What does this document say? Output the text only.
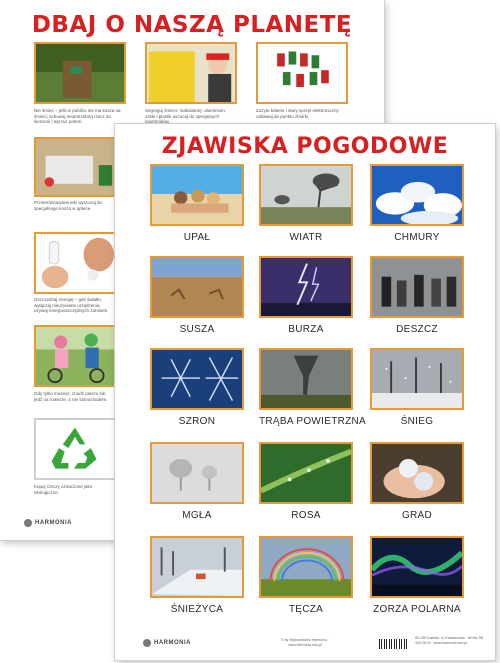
DBAJ O NASZĄ PLANETĘ
Nie śmieć – jeśli w pobliżu nie ma kosza na śmieci, schowaj niepotrzebną rzecz do kieszeni i wyrzuć potem.
Segreguj śmieci: makulaturę, aluminium, szkło i plastik wrzucaj do specjalnych pojemników.
Zużyte baterie i stary sprzęt elektroniczny oddawaj do punktu zbiórki.
Przeterminowane leki wyrzucaj do specjalnego kosza w aptece.
Oszczędzaj energię – gaś światło, wyłączaj nieużywane urządzenia, używaj energooszczędnych żarówek.
Gdy tylko możesz, chodź pieszo lub jedź na rowerze, a nie samochodem.
Kupuj rzeczy oznaczone jako ekologiczne.
HARMONIA
ZJAWISKA POGODOWE
UPAŁ	WIATR	CHMURY
SUSZA	BURZA	DESZCZ
SZRON	TRĄBA POWIETRZNA	ŚNIEG
MGŁA	ROSA	GRAD
ŚNIEŻYCA	TĘCZA	ZORZA POLARNA
HARMONIA	© by Wydawnictwo Harmonia · www.harmonia.edu.pl
80-180 Gdańsk, ul. Kasztanowa · tel./fax 58 343 08 33 · www.harmonia.edu.pl
